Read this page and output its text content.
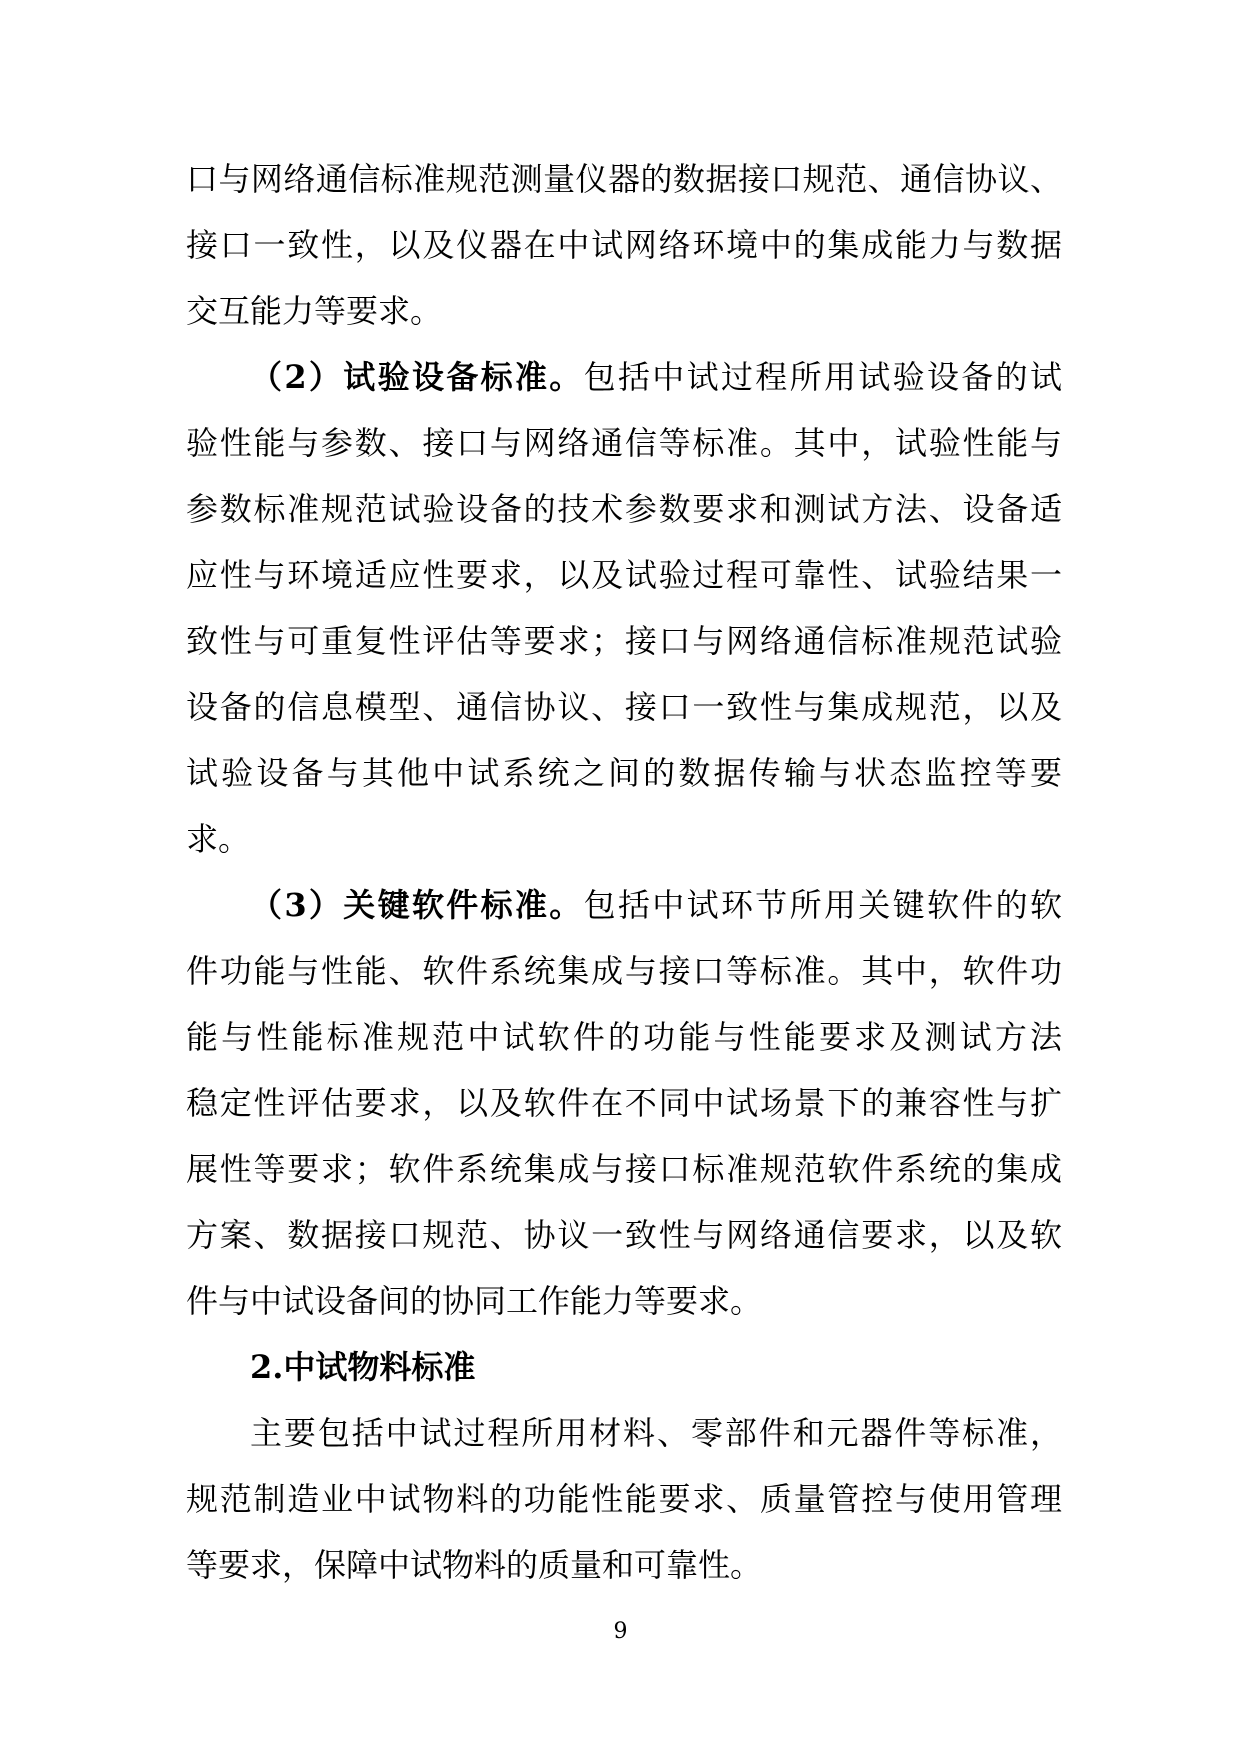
口与网络通信标准规范测量仪器的数据接口规范、通信协议、
接口一致性，以及仪器在中试网络环境中的集成能力与数据
交互能力等要求。
（2）试验设备标准。包括中试过程所用试验设备的试
验性能与参数、接口与网络通信等标准。其中，试验性能与
参数标准规范试验设备的技术参数要求和测试方法、设备适
应性与环境适应性要求，以及试验过程可靠性、试验结果一
致性与可重复性评估等要求；接口与网络通信标准规范试验
设备的信息模型、通信协议、接口一致性与集成规范，以及
试验设备与其他中试系统之间的数据传输与状态监控等要
求。
（3）关键软件标准。包括中试环节所用关键软件的软
件功能与性能、软件系统集成与接口等标准。其中，软件功
能与性能标准规范中试软件的功能与性能要求及测试方法
稳定性评估要求，以及软件在不同中试场景下的兼容性与扩
展性等要求；软件系统集成与接口标准规范软件系统的集成
方案、数据接口规范、协议一致性与网络通信要求，以及软
件与中试设备间的协同工作能力等要求。
2.中试物料标准
主要包括中试过程所用材料、零部件和元器件等标准，
规范制造业中试物料的功能性能要求、质量管控与使用管理
等要求，保障中试物料的质量和可靠性。
9
